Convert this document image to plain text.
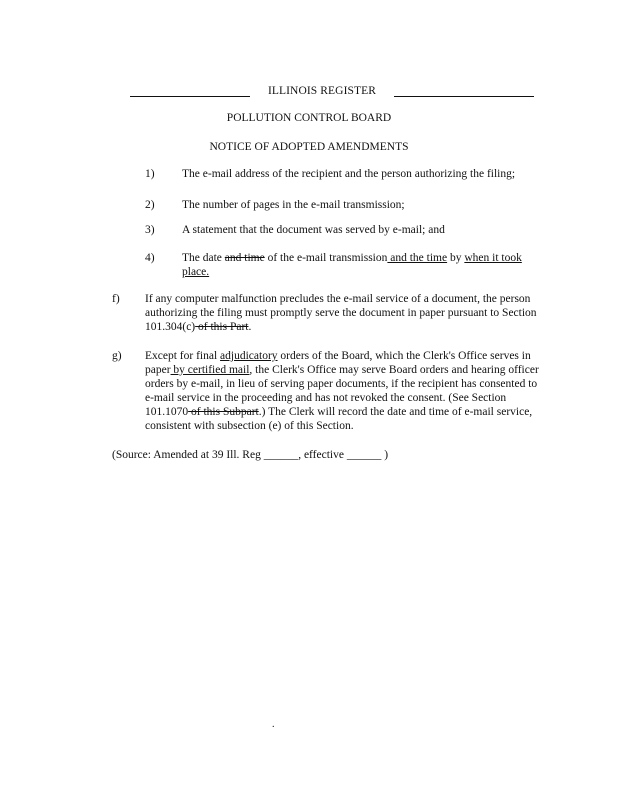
ILLINOIS REGISTER
POLLUTION CONTROL BOARD
NOTICE OF ADOPTED AMENDMENTS
1)	The e-mail address of the recipient and the person authorizing the filing;
2)	The number of pages in the e-mail transmission;
3)	A statement that the document was served by e-mail; and
4)	The date and time of the e-mail transmission and the time by when it took place.
f)	If any computer malfunction precludes the e-mail service of a document, the person authorizing the filing must promptly serve the document in paper pursuant to Section 101.304(c) of this Part.
g)	Except for final adjudicatory orders of the Board, which the Clerk's Office serves in paper by certified mail, the Clerk's Office may serve Board orders and hearing officer orders by e-mail, in lieu of serving paper documents, if the recipient has consented to e-mail service in the proceeding and has not revoked the consent. (See Section 101.1070 of this Subpart.) The Clerk will record the date and time of e-mail service, consistent with subsection (e) of this Section.
(Source: Amended at 39 Ill. Reg ______, effective ______ )
.
